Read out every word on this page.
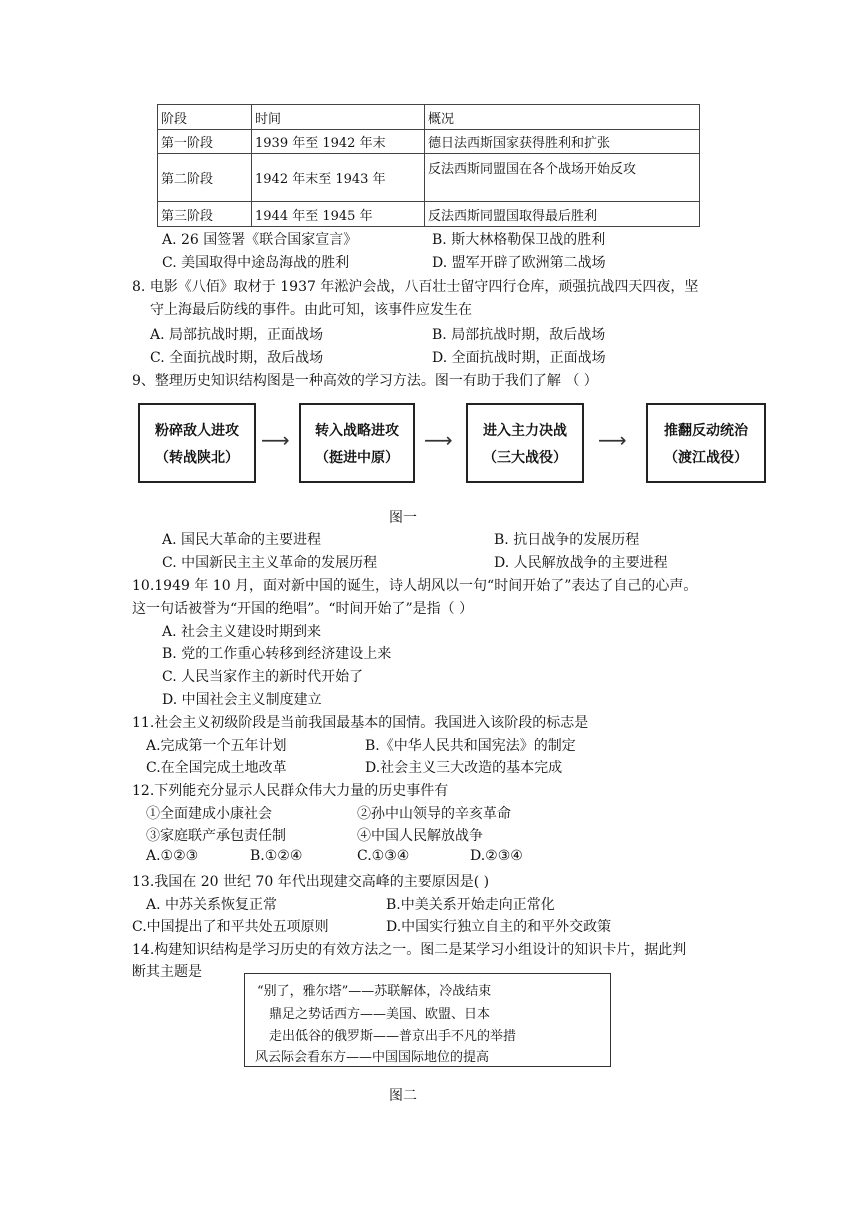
阶段	时间	概况
第一阶段	1939 年至 1942 年末	德日法西斯国家获得胜利和扩张
第二阶段	1942 年末至 1943 年	反法西斯同盟国在各个战场开始反攻
第三阶段	1944 年至 1945 年	反法西斯同盟国取得最后胜利
A. 26 国签署《联合国家宣言》	B. 斯大林格勒保卫战的胜利
C. 美国取得中途岛海战的胜利	D. 盟军开辟了欧洲第二战场
8. 电影《八佰》取材于 1937 年淞沪会战，八百壮士留守四行仓库，顽强抗战四天四夜，坚
守上海最后防线的事件。由此可知，该事件应发生在
A. 局部抗战时期，正面战场	B. 局部抗战时期，敌后战场
C. 全面抗战时期，敌后战场	D. 全面抗战时期，正面战场
9、整理历史知识结构图是一种高效的学习方法。图一有助于我们了解 （ ）
粉碎敌人进攻
（转战陕北）
⟶	转入战略进攻
（挺进中原）
⟶	进入主力决战
（三大战役）
⟶	推翻反动统治
（渡江战役）
图一
A. 国民大革命的主要进程	B. 抗日战争的发展历程
C. 中国新民主主义革命的发展历程	D. 人民解放战争的主要进程
10.1949 年 10 月，面对新中国的诞生，诗人胡风以一句“时间开始了”表达了自己的心声。
这一句话被誉为“开国的绝唱”。“时间开始了”是指（ ）
A. 社会主义建设时期到来
B. 党的工作重心转移到经济建设上来
C. 人民当家作主的新时代开始了
D. 中国社会主义制度建立
11.社会主义初级阶段是当前我国最基本的国情。我国进入该阶段的标志是
A.完成第一个五年计划	B.《中华人民共和国宪法》的制定
C.在全国完成土地改革	D.社会主义三大改造的基本完成
12.下列能充分显示人民群众伟大力量的历史事件有
①全面建成小康社会	②孙中山领导的辛亥革命
③家庭联产承包责任制	④中国人民解放战争
A.①②③	B.①②④	C.①③④	D.②③④
13.我国在 20 世纪 70 年代出现建交高峰的主要原因是( )
A. 中苏关系恢复正常	B.中美关系开始走向正常化
C.中国提出了和平共处五项原则	D.中国实行独立自主的和平外交政策
14.构建知识结构是学习历史的有效方法之一。图二是某学习小组设计的知识卡片，据此判
断其主题是
“别了，雅尔塔”——苏联解体，冷战结束
鼎足之势话西方——美国、欧盟、日本
走出低谷的俄罗斯——普京出手不凡的举措
风云际会看东方——中国国际地位的提高
图二
